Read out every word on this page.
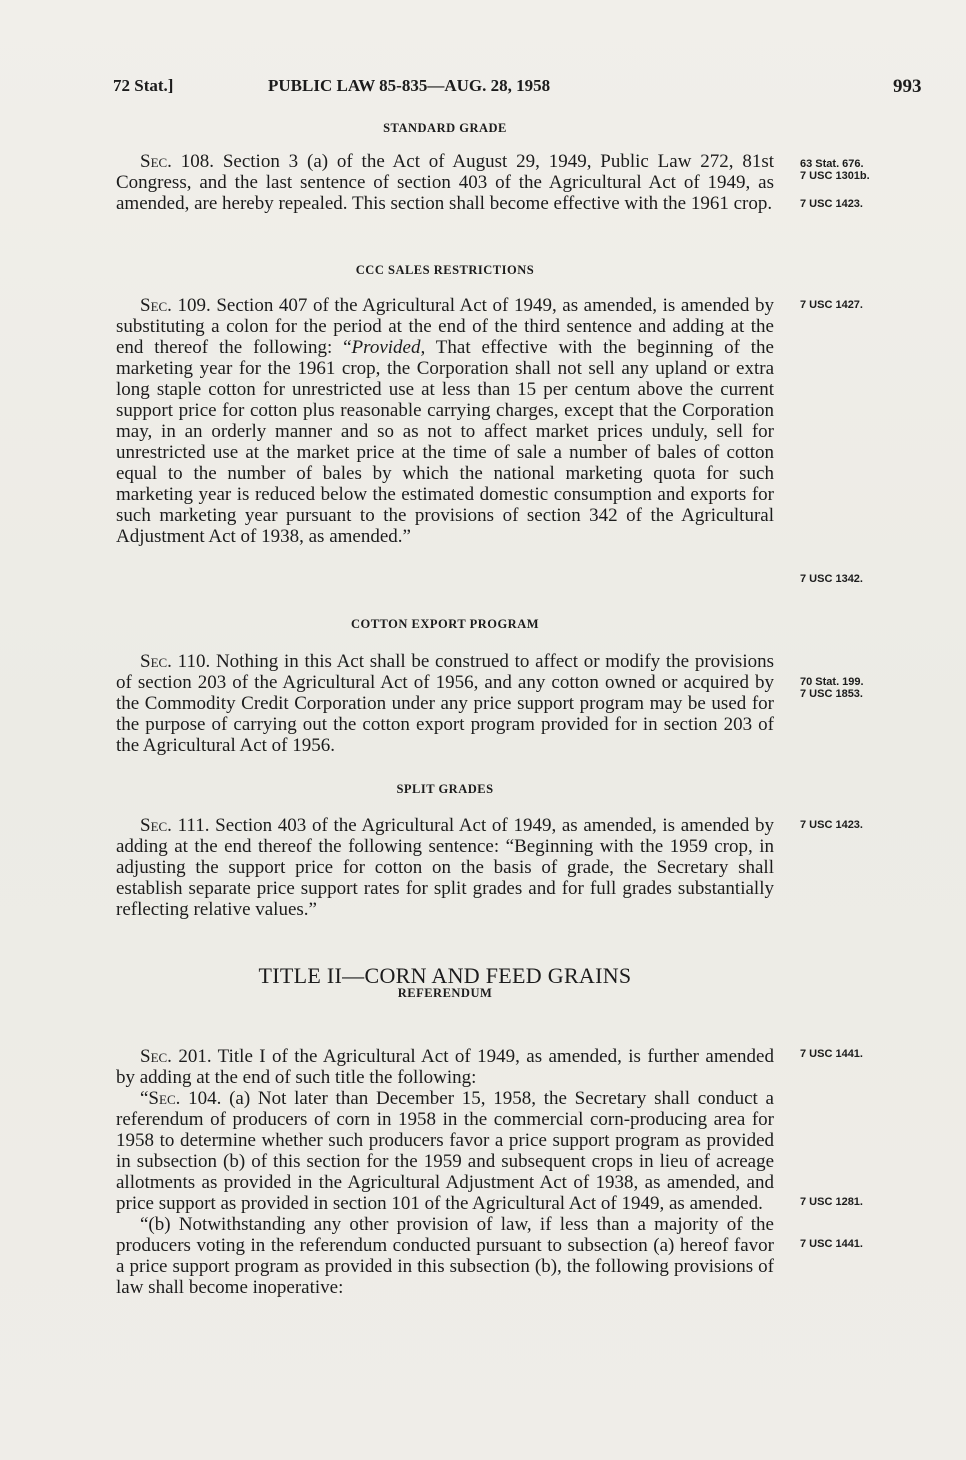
72 Stat.]	PUBLIC LAW 85-835—AUG. 28, 1958	993
STANDARD GRADE

Sec. 108. Section 3 (a) of the Act of August 29, 1949, Public Law 272, 81st Congress, and the last sentence of section 403 of the Agricultural Act of 1949, as amended, are hereby repealed. This section shall become effective with the 1961 crop.

CCC SALES RESTRICTIONS

Sec. 109. Section 407 of the Agricultural Act of 1949, as amended, is amended by substituting a colon for the period at the end of the third sentence and adding at the end thereof the following: “Provided, That effective with the beginning of the marketing year for the 1961 crop, the Corporation shall not sell any upland or extra long staple cotton for unrestricted use at less than 15 per centum above the current support price for cotton plus reasonable carrying charges, except that the Corporation may, in an orderly manner and so as not to affect market prices unduly, sell for unrestricted use at the market price at the time of sale a number of bales of cotton equal to the number of bales by which the national marketing quota for such marketing year is reduced below the estimated domestic consumption and exports for such marketing year pursuant to the provisions of section 342 of the Agricultural Adjustment Act of 1938, as amended.”

COTTON EXPORT PROGRAM

Sec. 110. Nothing in this Act shall be construed to affect or modify the provisions of section 203 of the Agricultural Act of 1956, and any cotton owned or acquired by the Commodity Credit Corporation under any price support program may be used for the purpose of carrying out the cotton export program provided for in section 203 of the Agricultural Act of 1956.

SPLIT GRADES

Sec. 111. Section 403 of the Agricultural Act of 1949, as amended, is amended by adding at the end thereof the following sentence: “Beginning with the 1959 crop, in adjusting the support price for cotton on the basis of grade, the Secretary shall establish separate price support rates for split grades and for full grades substantially reflecting relative values.”

TITLE II—CORN AND FEED GRAINS
REFERENDUM

Sec. 201. Title I of the Agricultural Act of 1949, as amended, is further amended by adding at the end of such title the following:

“Sec. 104. (a) Not later than December 15, 1958, the Secretary shall conduct a referendum of producers of corn in 1958 in the commercial corn-producing area for 1958 to determine whether such producers favor a price support program as provided in subsection (b) of this section for the 1959 and subsequent crops in lieu of acreage allotments as provided in the Agricultural Adjustment Act of 1938, as amended, and price support as provided in section 101 of the Agricultural Act of 1949, as amended.

“(b) Notwithstanding any other provision of law, if less than a majority of the producers voting in the referendum conducted pursuant to subsection (a) hereof favor a price support program as provided in this subsection (b), the following provisions of law shall become inoperative:

63 Stat. 676.
7 USC 1301b.
7 USC 1423.
7 USC 1427.
7 USC 1342.
70 Stat. 199.
7 USC 1853.
7 USC 1423.
7 USC 1441.
7 USC 1281.
7 USC 1441.
